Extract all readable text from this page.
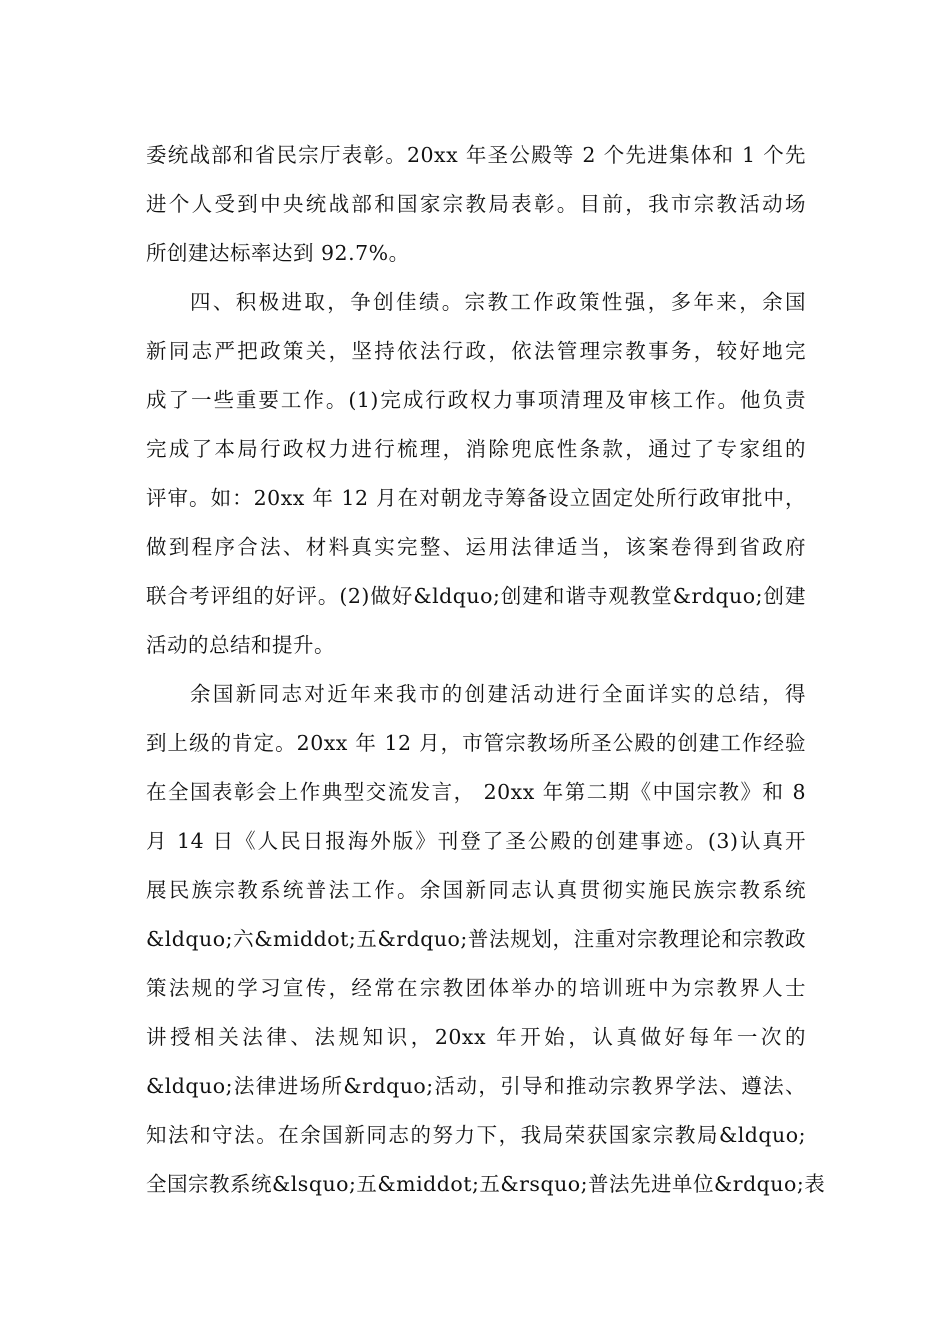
委统战部和省民宗厅表彰。20xx 年圣公殿等 2 个先进集体和 1 个先
进个人受到中央统战部和国家宗教局表彰。目前，我市宗教活动场
所创建达标率达到 92.7%。
四、积极进取，争创佳绩。宗教工作政策性强，多年来，余国
新同志严把政策关，坚持依法行政，依法管理宗教事务，较好地完
成了一些重要工作。(1)完成行政权力事项清理及审核工作。他负责
完成了本局行政权力进行梳理，消除兜底性条款，通过了专家组的
评审。如：20xx 年 12 月在对朝龙寺筹备设立固定处所行政审批中，
做到程序合法、材料真实完整、运用法律适当，该案卷得到省政府
联合考评组的好评。(2)做好&ldquo;创建和谐寺观教堂&rdquo;创建
活动的总结和提升。
余国新同志对近年来我市的创建活动进行全面详实的总结，得
到上级的肯定。20xx 年 12 月，市管宗教场所圣公殿的创建工作经验
在全国表彰会上作典型交流发言， 20xx 年第二期《中国宗教》和 8
月 14 日《人民日报海外版》刊登了圣公殿的创建事迹。(3)认真开
展民族宗教系统普法工作。余国新同志认真贯彻实施民族宗教系统
&ldquo;六&middot;五&rdquo;普法规划，注重对宗教理论和宗教政
策法规的学习宣传，经常在宗教团体举办的培训班中为宗教界人士
讲授相关法律、法规知识，20xx 年开始，认真做好每年一次的
&ldquo;法律进场所&rdquo;活动，引导和推动宗教界学法、遵法、
知法和守法。在余国新同志的努力下，我局荣获国家宗教局&ldquo;
全国宗教系统&lsquo;五&middot;五&rsquo;普法先进单位&rdquo;表
